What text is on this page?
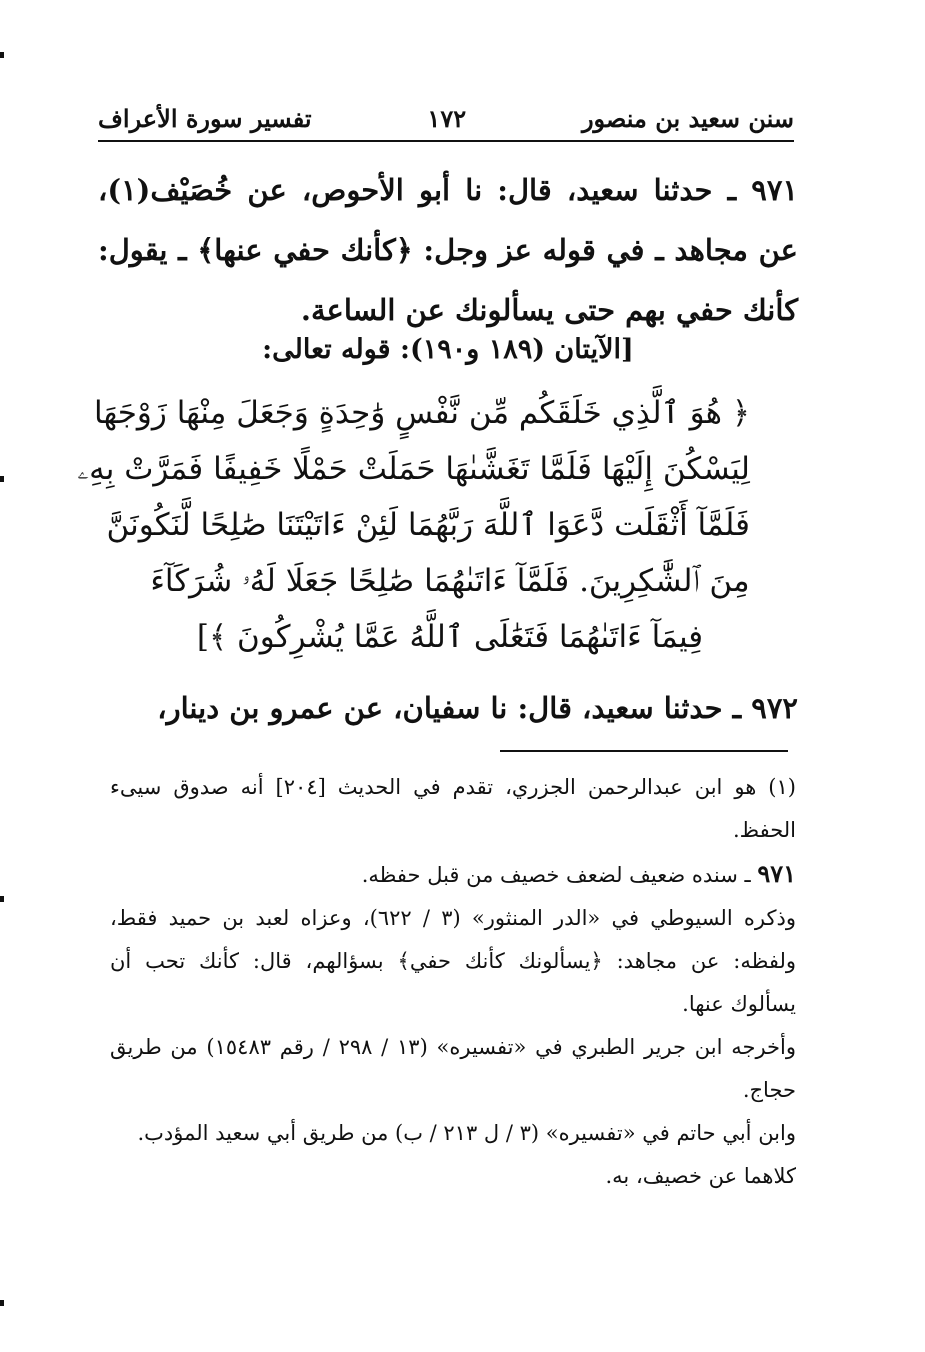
سنن سعيد بن منصور
١٧٢
تفسير سورة الأعراف

٩٧١ ـ حدثنا سعيد، قال: نا أبو الأحوص، عن خُصَيْف(١)، عن مجاهد ـ في قوله عز وجل: ﴿كأنك حفي عنها﴾ ـ يقول: كأنك حفي بهم حتى يسألونك عن الساعة.

[الآيتان (١٨٩ و١٩٠): قوله تعالى:
﴿ هُوَ ٱلَّذِي خَلَقَكُم مِّن نَّفْسٍ وَٰحِدَةٍ وَجَعَلَ مِنْهَا زَوْجَهَا
لِيَسْكُنَ إِلَيْهَا فَلَمَّا تَغَشَّىٰهَا حَمَلَتْ حَمْلًا خَفِيفًا فَمَرَّتْ بِهِۦ
فَلَمَّآ أَثْقَلَت دَّعَوَا ٱللَّهَ رَبَّهُمَا لَئِنْ ءَاتَيْتَنَا صَٰلِحًا لَّنَكُونَنَّ
مِنَ ٱلشَّٰكِرِينَ. فَلَمَّآ ءَاتَىٰهُمَا صَٰلِحًا جَعَلَا لَهُۥ شُرَكَآءَ
فِيمَآ ءَاتَىٰهُمَا فَتَعَٰلَى ٱللَّهُ عَمَّا يُشْرِكُونَ ﴾]
٩٧٢ ـ حدثنا سعيد، قال: نا سفيان، عن عمرو بن دينار،

(١) هو ابن عبدالرحمن الجزري، تقدم في الحديث [٢٠٤] أنه صدوق سيىء الحفظ.

٩٧١ ـ سنده ضعيف لضعف خصيف من قبل حفظه.

وذكره السيوطي في «الدر المنثور» (٣ / ٦٢٢)، وعزاه لعبد بن حميد فقط، ولفظه: عن مجاهد: ﴿يسألونك كأنك حفي﴾ بسؤالهم، قال: كأنك تحب أن يسألوك عنها.

وأخرجه ابن جرير الطبري في «تفسيره» (١٣ / ٢٩٨ / رقم ١٥٤٨٣) من طريق حجاج.

وابن أبي حاتم في «تفسيره» (٣ / ل ٢١٣ / ب) من طريق أبي سعيد المؤدب.

كلاهما عن خصيف، به.
